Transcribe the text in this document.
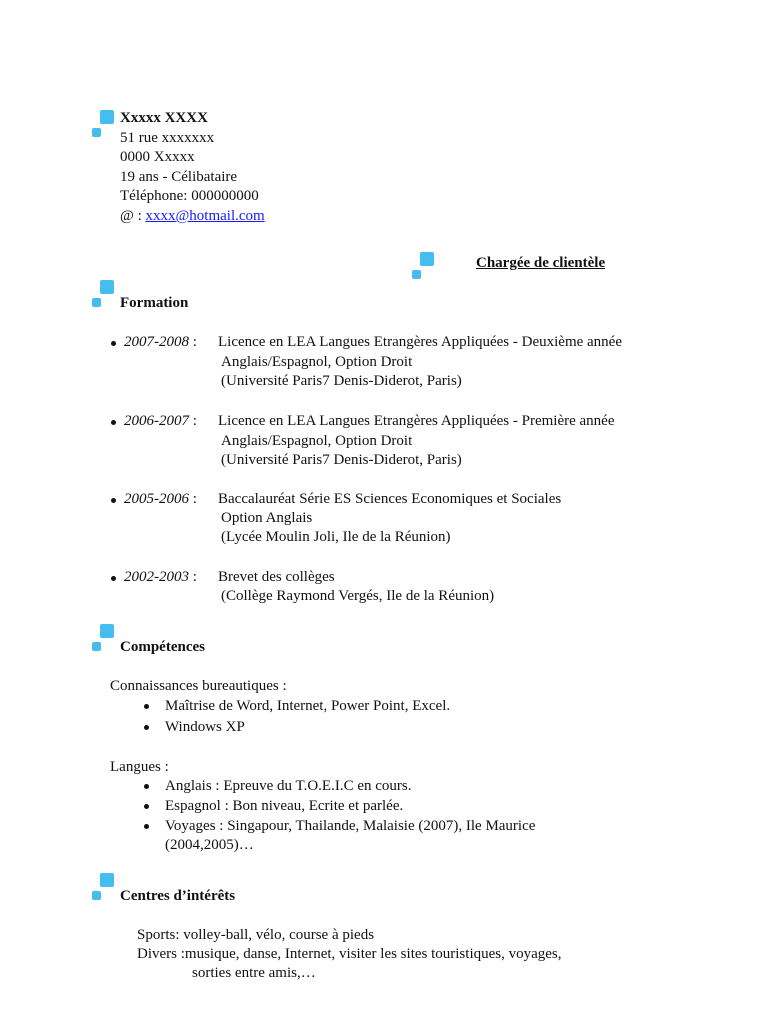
Xxxxx XXXX
51 rue xxxxxxx
0000 Xxxxx
19 ans - Célibataire
Téléphone: 000000000
@ : xxxx@hotmail.com
Chargée de clientèle
Formation
2007-2008 : Licence en LEA Langues Etrangères Appliquées - Deuxième année
Anglais/Espagnol, Option Droit
(Université Paris7 Denis-Diderot, Paris)
2006-2007 : Licence en LEA Langues Etrangères Appliquées - Première année
Anglais/Espagnol, Option Droit
(Université Paris7 Denis-Diderot, Paris)
2005-2006 : Baccalauréat Série ES Sciences Economiques et Sociales
Option Anglais
(Lycée Moulin Joli, Ile de la Réunion)
2002-2003 : Brevet des collèges
(Collège Raymond Vergés, Ile de la Réunion)
Compétences
Connaissances bureautiques :
Maîtrise de Word, Internet, Power Point, Excel.
Windows XP
Langues :
Anglais : Epreuve du T.O.E.I.C en cours.
Espagnol : Bon niveau, Ecrite et parlée.
Voyages : Singapour, Thailande, Malaisie (2007), Ile Maurice
(2004,2005)…
Centres d’intérêts
Sports: volley-ball, vélo, course à pieds
Divers :musique, danse, Internet, visiter les sites touristiques, voyages,
sorties entre amis,…
